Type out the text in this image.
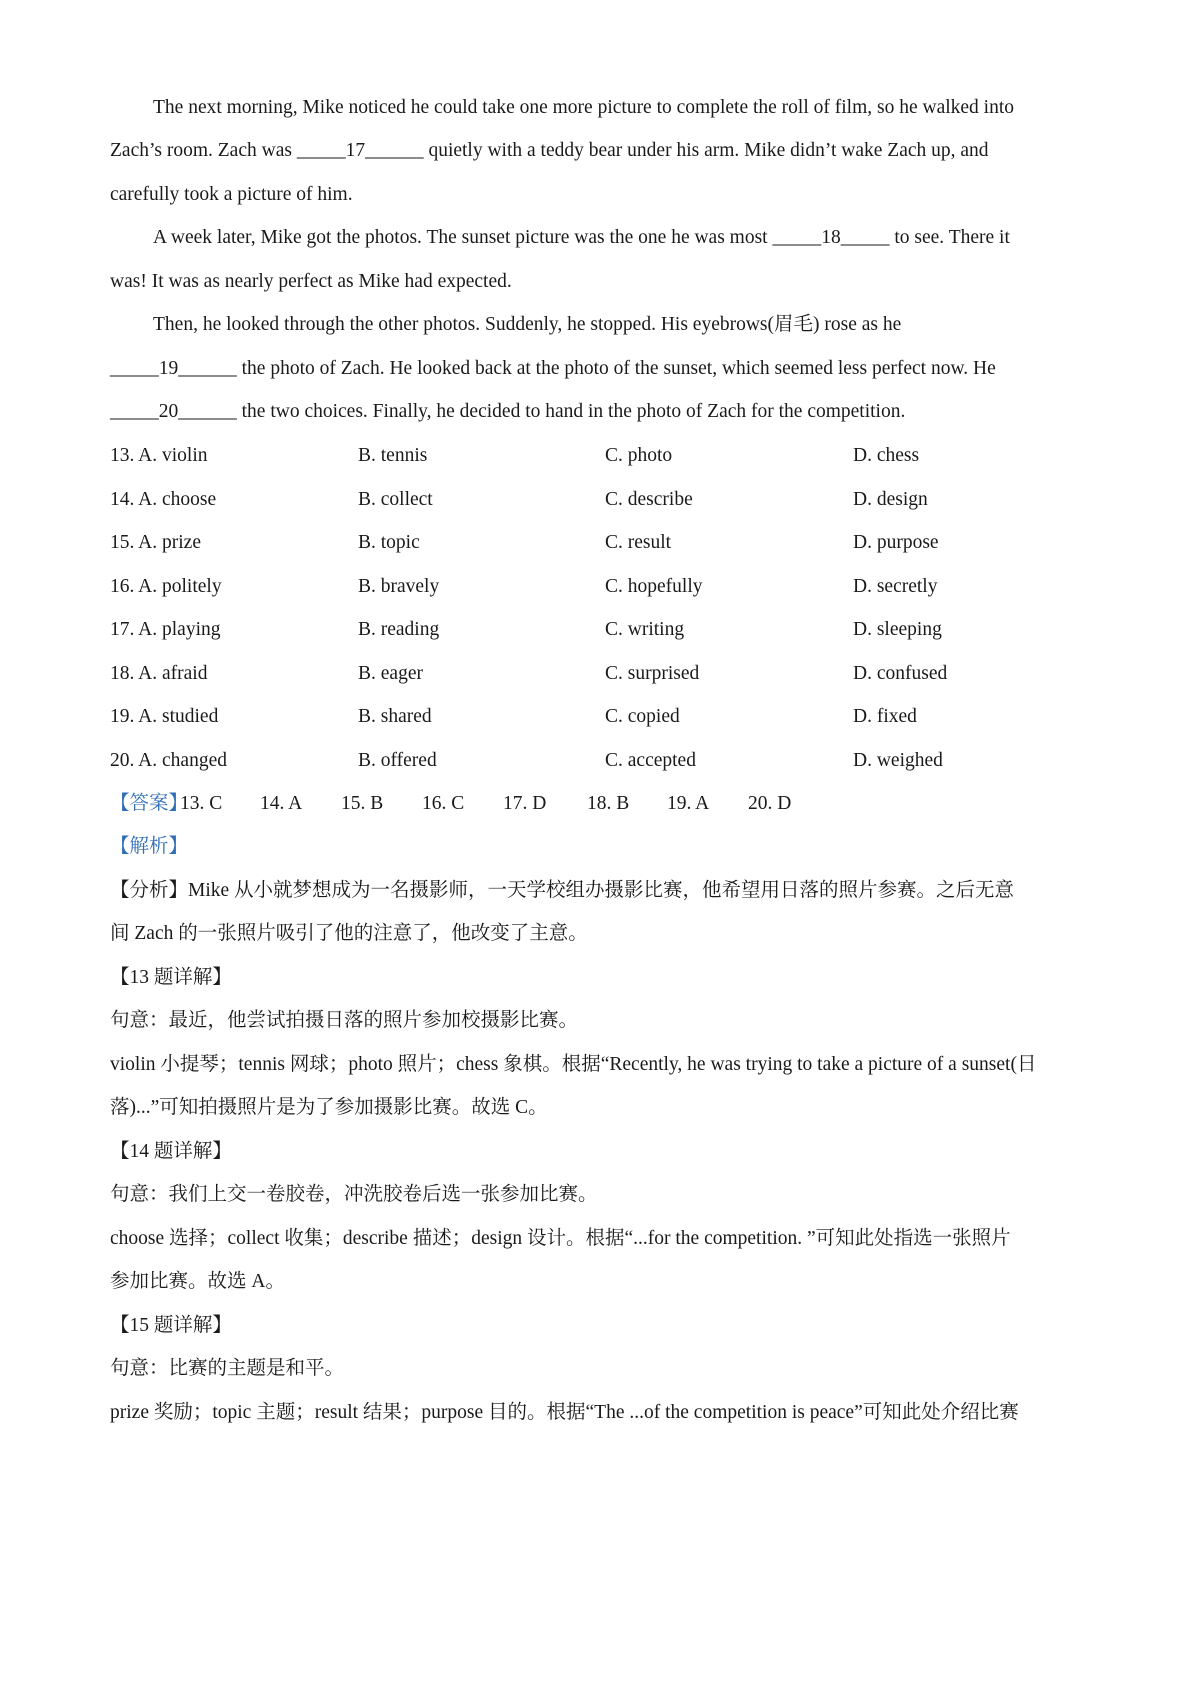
The next morning, Mike noticed he could take one more picture to complete the roll of film, so he walked into
Zach’s room. Zach was _____17______ quietly with a teddy bear under his arm. Mike didn’t wake Zach up, and
carefully took a picture of him.
A week later, Mike got the photos. The sunset picture was the one he was most _____18_____ to see. There it
was! It was as nearly perfect as Mike had expected.
Then, he looked through the other photos. Suddenly, he stopped. His eyebrows(眉毛) rose as he
_____19______ the photo of Zach. He looked back at the photo of the sunset, which seemed less perfect now. He
_____20______ the two choices. Finally, he decided to hand in the photo of Zach for the competition.
13. A. violin	B. tennis	C. photo	D. chess
14. A. choose	B. collect	C. describe	D. design
15. A. prize	B. topic	C. result	D. purpose
16. A. politely	B. bravely	C. hopefully	D. secretly
17. A. playing	B. reading	C. writing	D. sleeping
18. A. afraid	B. eager	C. surprised	D. confused
19. A. studied	B. shared	C. copied	D. fixed
20. A. changed	B. offered	C. accepted	D. weighed
【答案】
13. C 14. A 15. B 16. C 17. D 18. B 19. A 20. D
【解析】
【分析】Mike 从小就梦想成为一名摄影师，一天学校组办摄影比赛，他希望用日落的照片参赛。之后无意
间 Zach 的一张照片吸引了他的注意了，他改变了主意。
【13 题详解】
句意：最近，他尝试拍摄日落的照片参加校摄影比赛。
violin 小提琴；tennis 网球；photo 照片；chess 象棋。根据“Recently, he was trying to take a picture of a sunset(日
落)...”可知拍摄照片是为了参加摄影比赛。故选 C。
【14 题详解】
句意：我们上交一卷胶卷，冲洗胶卷后选一张参加比赛。
choose 选择；collect 收集；describe 描述；design 设计。根据“...for the competition. ”可知此处指选一张照片
参加比赛。故选 A。
【15 题详解】
句意：比赛的主题是和平。
prize 奖励；topic 主题；result 结果；purpose 目的。根据“The ...of the competition is peace”可知此处介绍比赛
